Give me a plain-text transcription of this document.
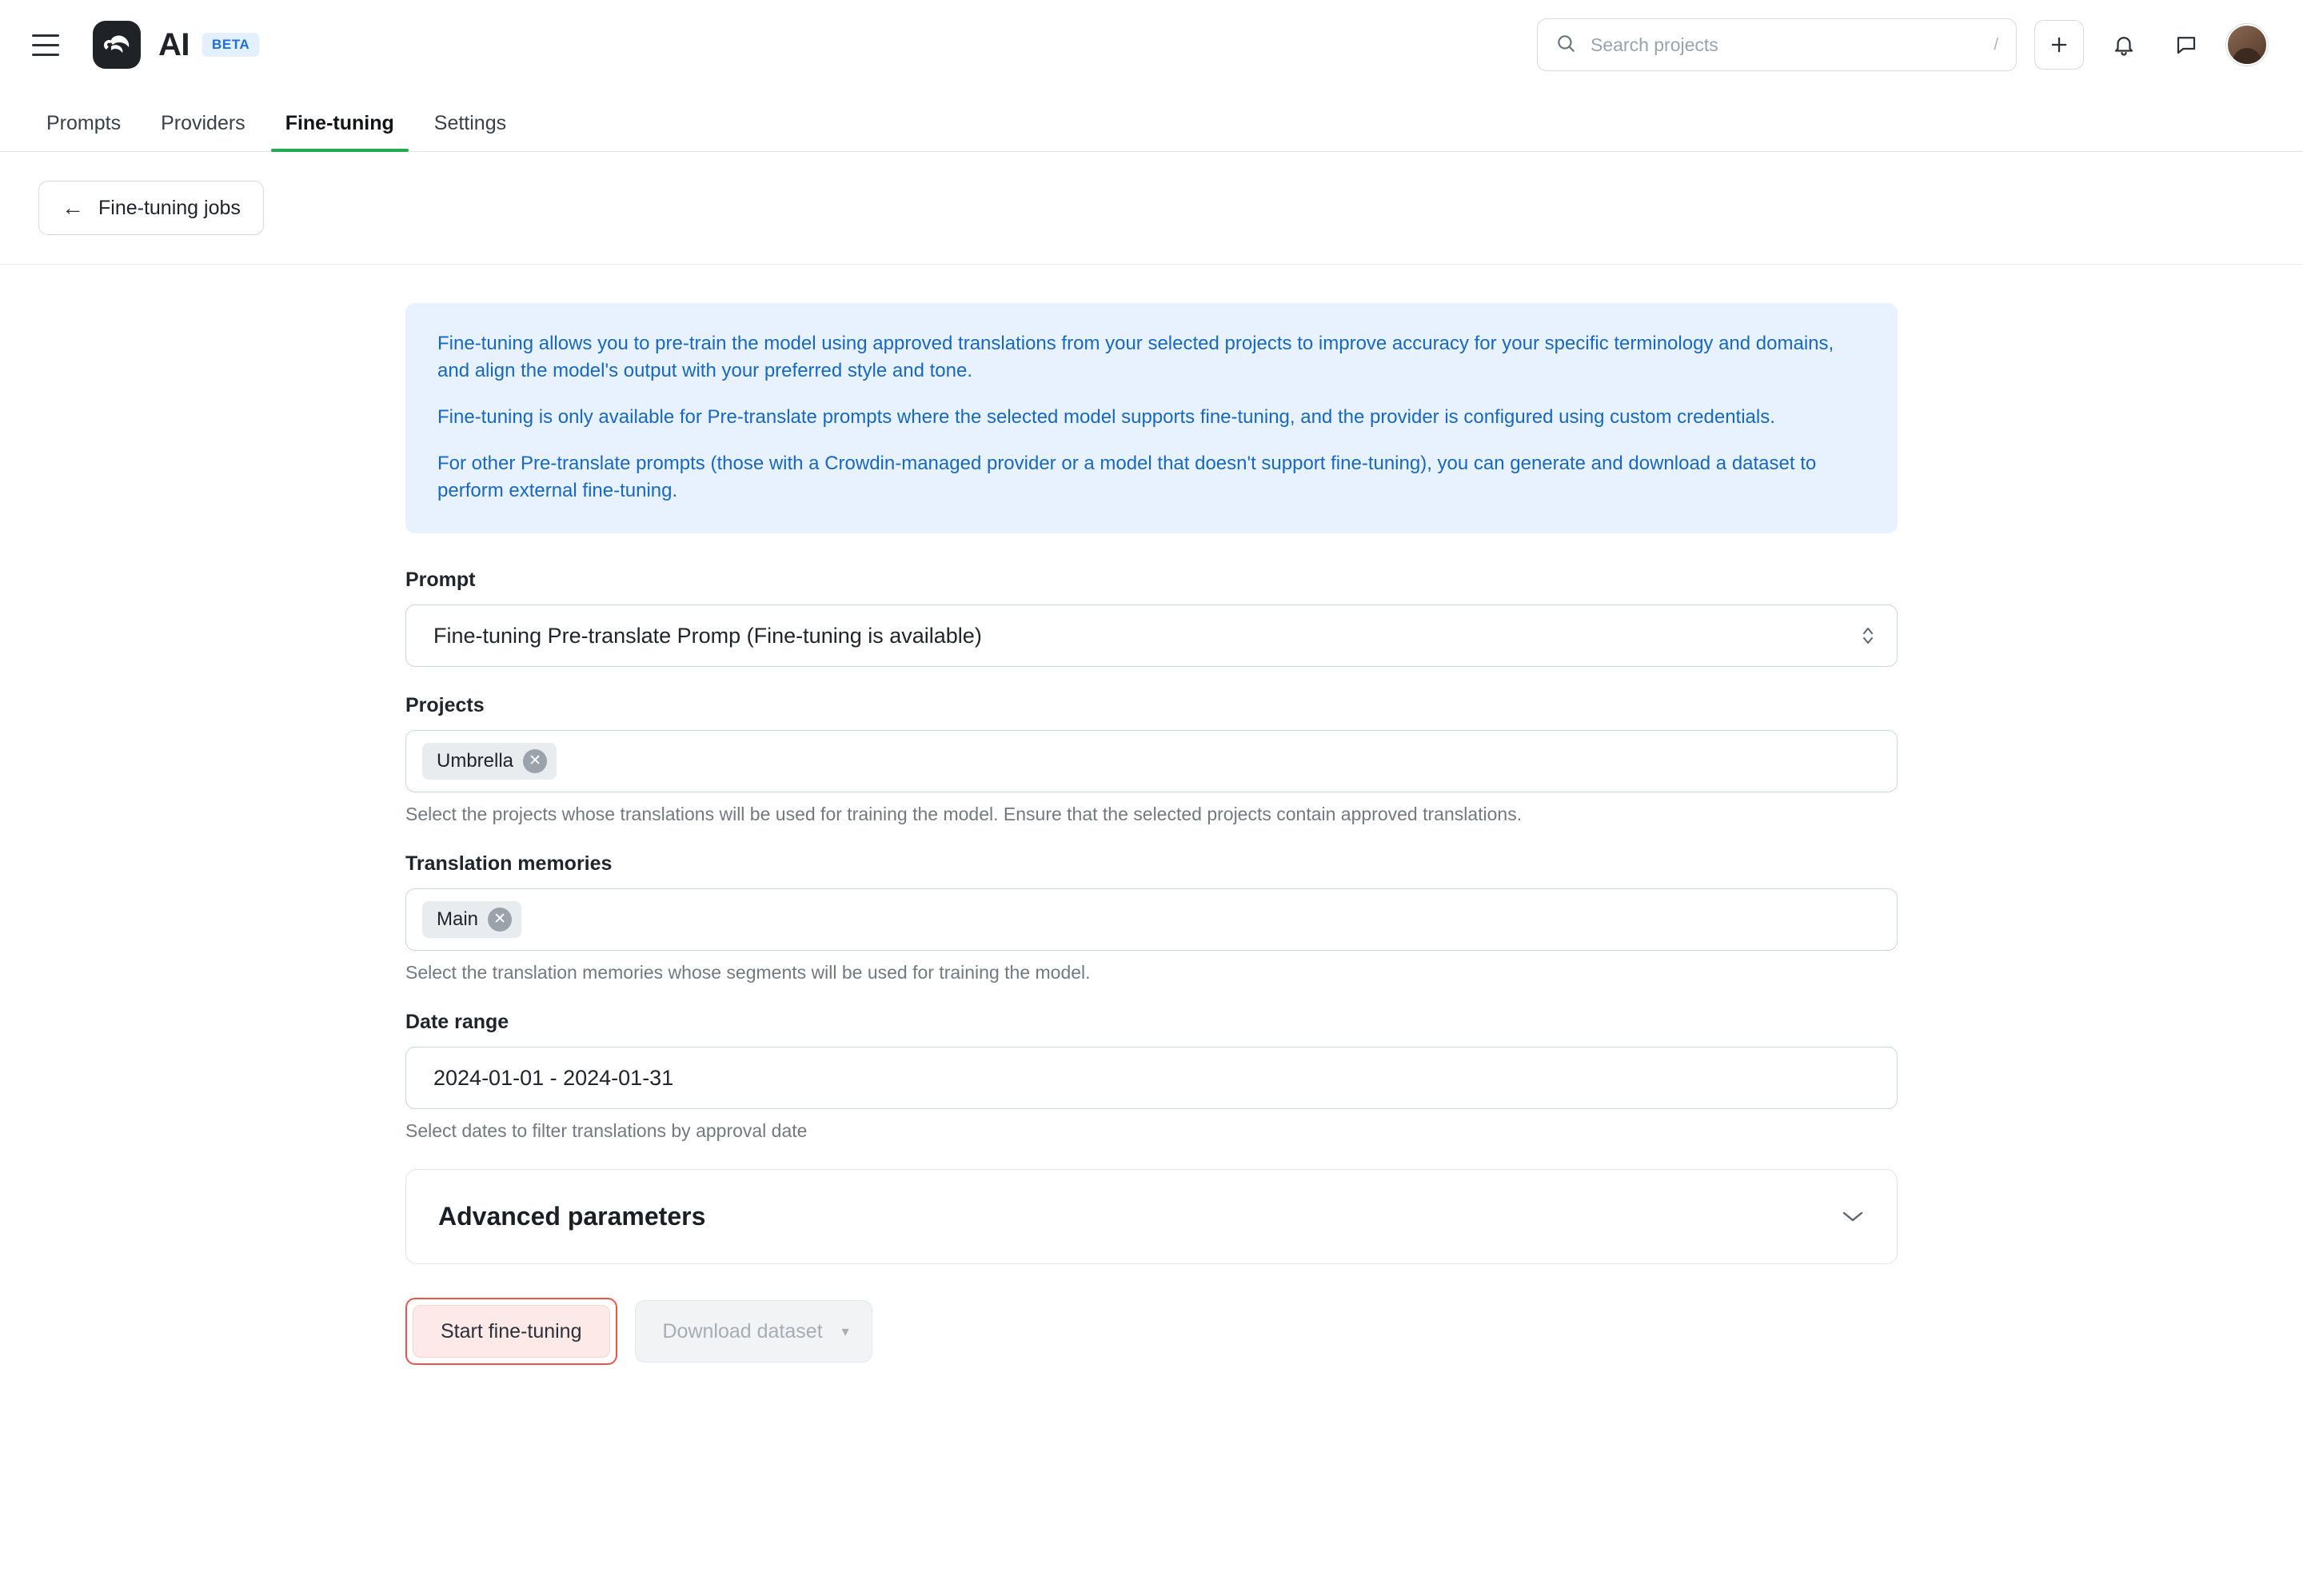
AI	BETA
Search projects	/
Prompts	Providers	Fine-tuning	Settings
← Fine-tuning jobs

Fine-tuning allows you to pre-train the model using approved translations from your selected projects to improve accuracy for your specific terminology and domains, and align the model's output with your preferred style and tone.

Fine-tuning is only available for Pre-translate prompts where the selected model supports fine-tuning, and the provider is configured using custom credentials.

For other Pre-translate prompts (those with a Crowdin-managed provider or a model that doesn't support fine-tuning), you can generate and download a dataset to perform external fine-tuning.

Prompt
Fine-tuning Pre-translate Promp (Fine-tuning is available)
Projects
Umbrella	✕
Select the projects whose translations will be used for training the model. Ensure that the selected projects contain approved translations.
Translation memories
Main	✕
Select the translation memories whose segments will be used for training the model.
Date range
2024-01-01 - 2024-01-31
Select dates to filter translations by approval date
Advanced parameters
Start fine-tuning	Download dataset ▾
